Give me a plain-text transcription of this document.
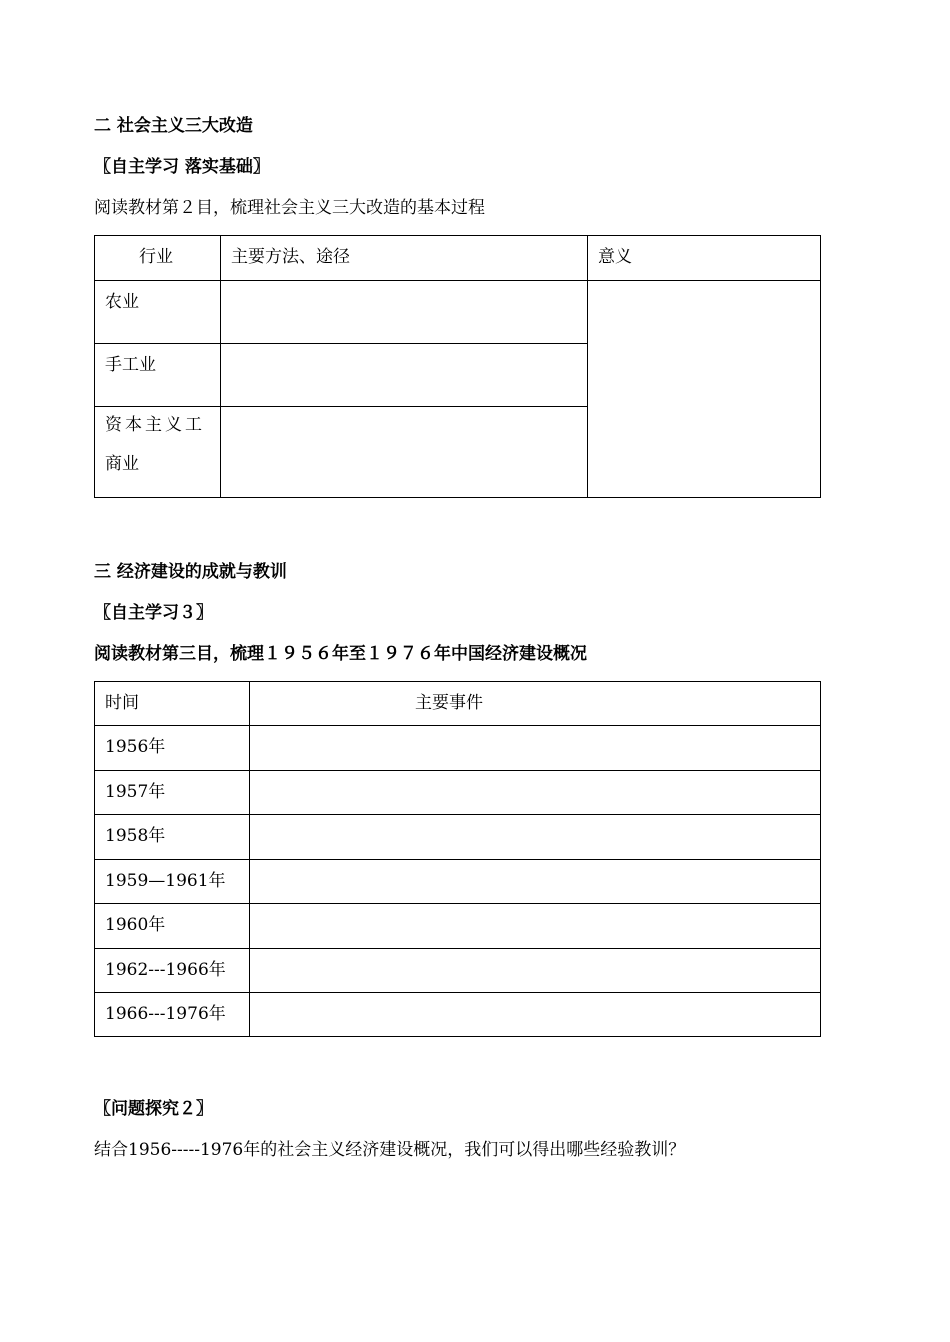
二 社会主义三大改造
〖自主学习 落实基础〗
阅读教材第２目，梳理社会主义三大改造的基本过程
行业	主要方法、途径	意义

农业		

手工业		

资本主义工
商业		

三 经济建设的成就与教训
〖自主学习３〗
阅读教材第三目，梳理１９５６年至１９７６年中国经济建设概况
时间	主要事件

1956年	

1957年	

1958年	

1959—1961年	

1960年	

1962---1966年	

1966---1976年	

〖问题探究２〗
结合1956-----1976年的社会主义经济建设概况，我们可以得出哪些经验教训？
